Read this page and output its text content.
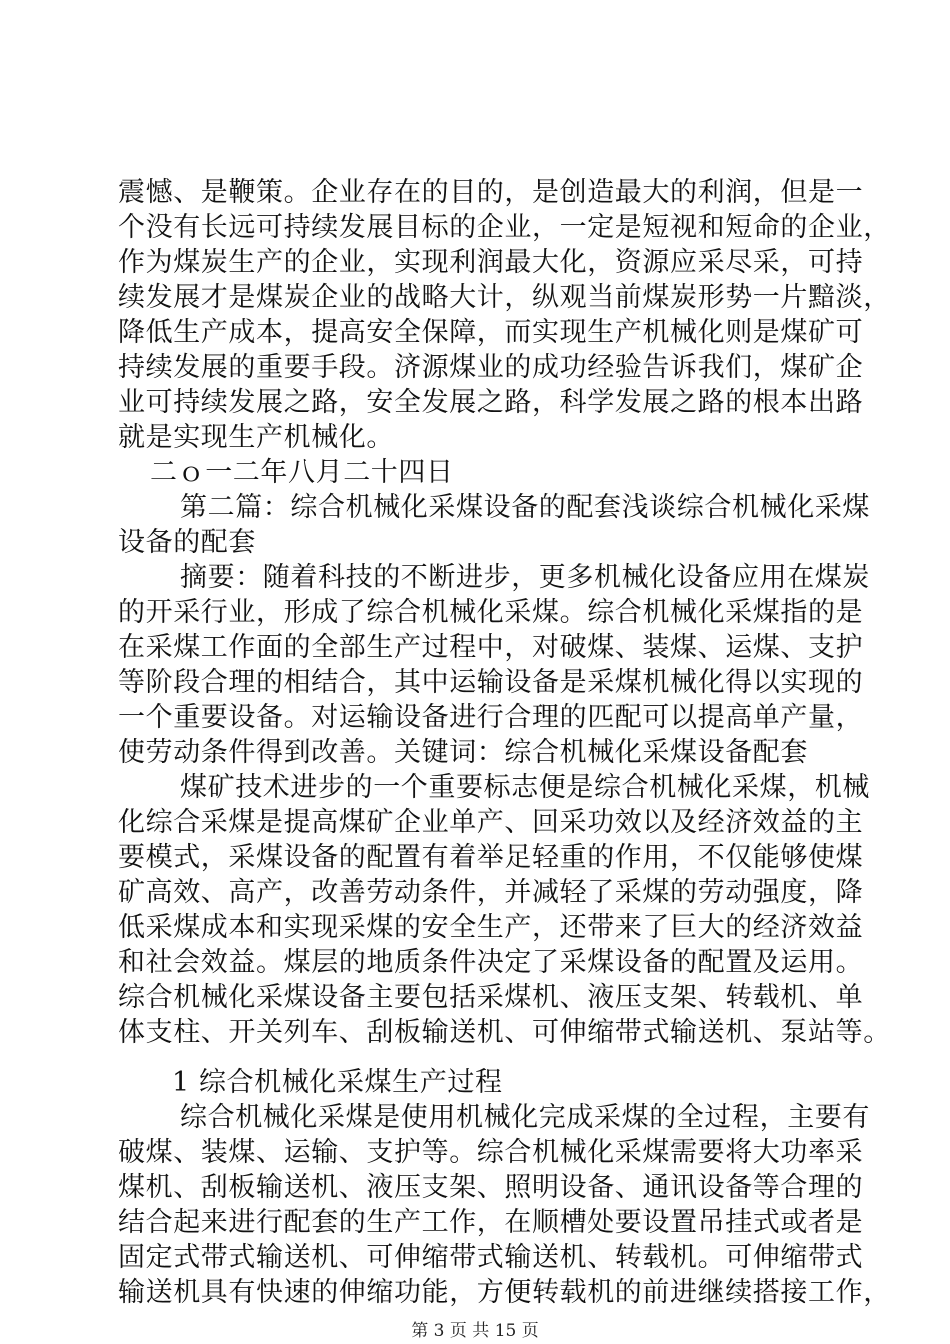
震憾、是鞭策。企业存在的目的，是创造最大的利润，但是一
个没有长远可持续发展目标的企业，一定是短视和短命的企业，
作为煤炭生产的企业，实现利润最大化，资源应采尽采，可持
续发展才是煤炭企业的战略大计，纵观当前煤炭形势一片黯淡，
降低生产成本，提高安全保障，而实现生产机械化则是煤矿可
持续发展的重要手段。济源煤业的成功经验告诉我们，煤矿企
业可持续发展之路，安全发展之路，科学发展之路的根本出路
就是实现生产机械化。
二ｏ一二年八月二十四日
第二篇：综合机械化采煤设备的配套浅谈综合机械化采煤
设备的配套
摘要：随着科技的不断进步，更多机械化设备应用在煤炭
的开采行业，形成了综合机械化采煤。综合机械化采煤指的是
在采煤工作面的全部生产过程中，对破煤、装煤、运煤、支护
等阶段合理的相结合，其中运输设备是采煤机械化得以实现的
一个重要设备。对运输设备进行合理的匹配可以提高单产量，
使劳动条件得到改善。关键词：综合机械化采煤设备配套
煤矿技术进步的一个重要标志便是综合机械化采煤，机械
化综合采煤是提高煤矿企业单产、回采功效以及经济效益的主
要模式，采煤设备的配置有着举足轻重的作用，不仅能够使煤
矿高效、高产，改善劳动条件，并减轻了采煤的劳动强度，降
低采煤成本和实现采煤的安全生产，还带来了巨大的经济效益
和社会效益。煤层的地质条件决定了采煤设备的配置及运用。
综合机械化采煤设备主要包括采煤机、液压支架、转载机、单
体支柱、开关列车、刮板输送机、可伸缩带式输送机、泵站等。
1 综合机械化采煤生产过程
综合机械化采煤是使用机械化完成采煤的全过程，主要有
破煤、装煤、运输、支护等。综合机械化采煤需要将大功率采
煤机、刮板输送机、液压支架、照明设备、通讯设备等合理的
结合起来进行配套的生产工作，在顺槽处要设置吊挂式或者是
固定式带式输送机、可伸缩带式输送机、转载机。可伸缩带式
输送机具有快速的伸缩功能，方便转载机的前进继续搭接工作，
第 3 页 共 15 页
